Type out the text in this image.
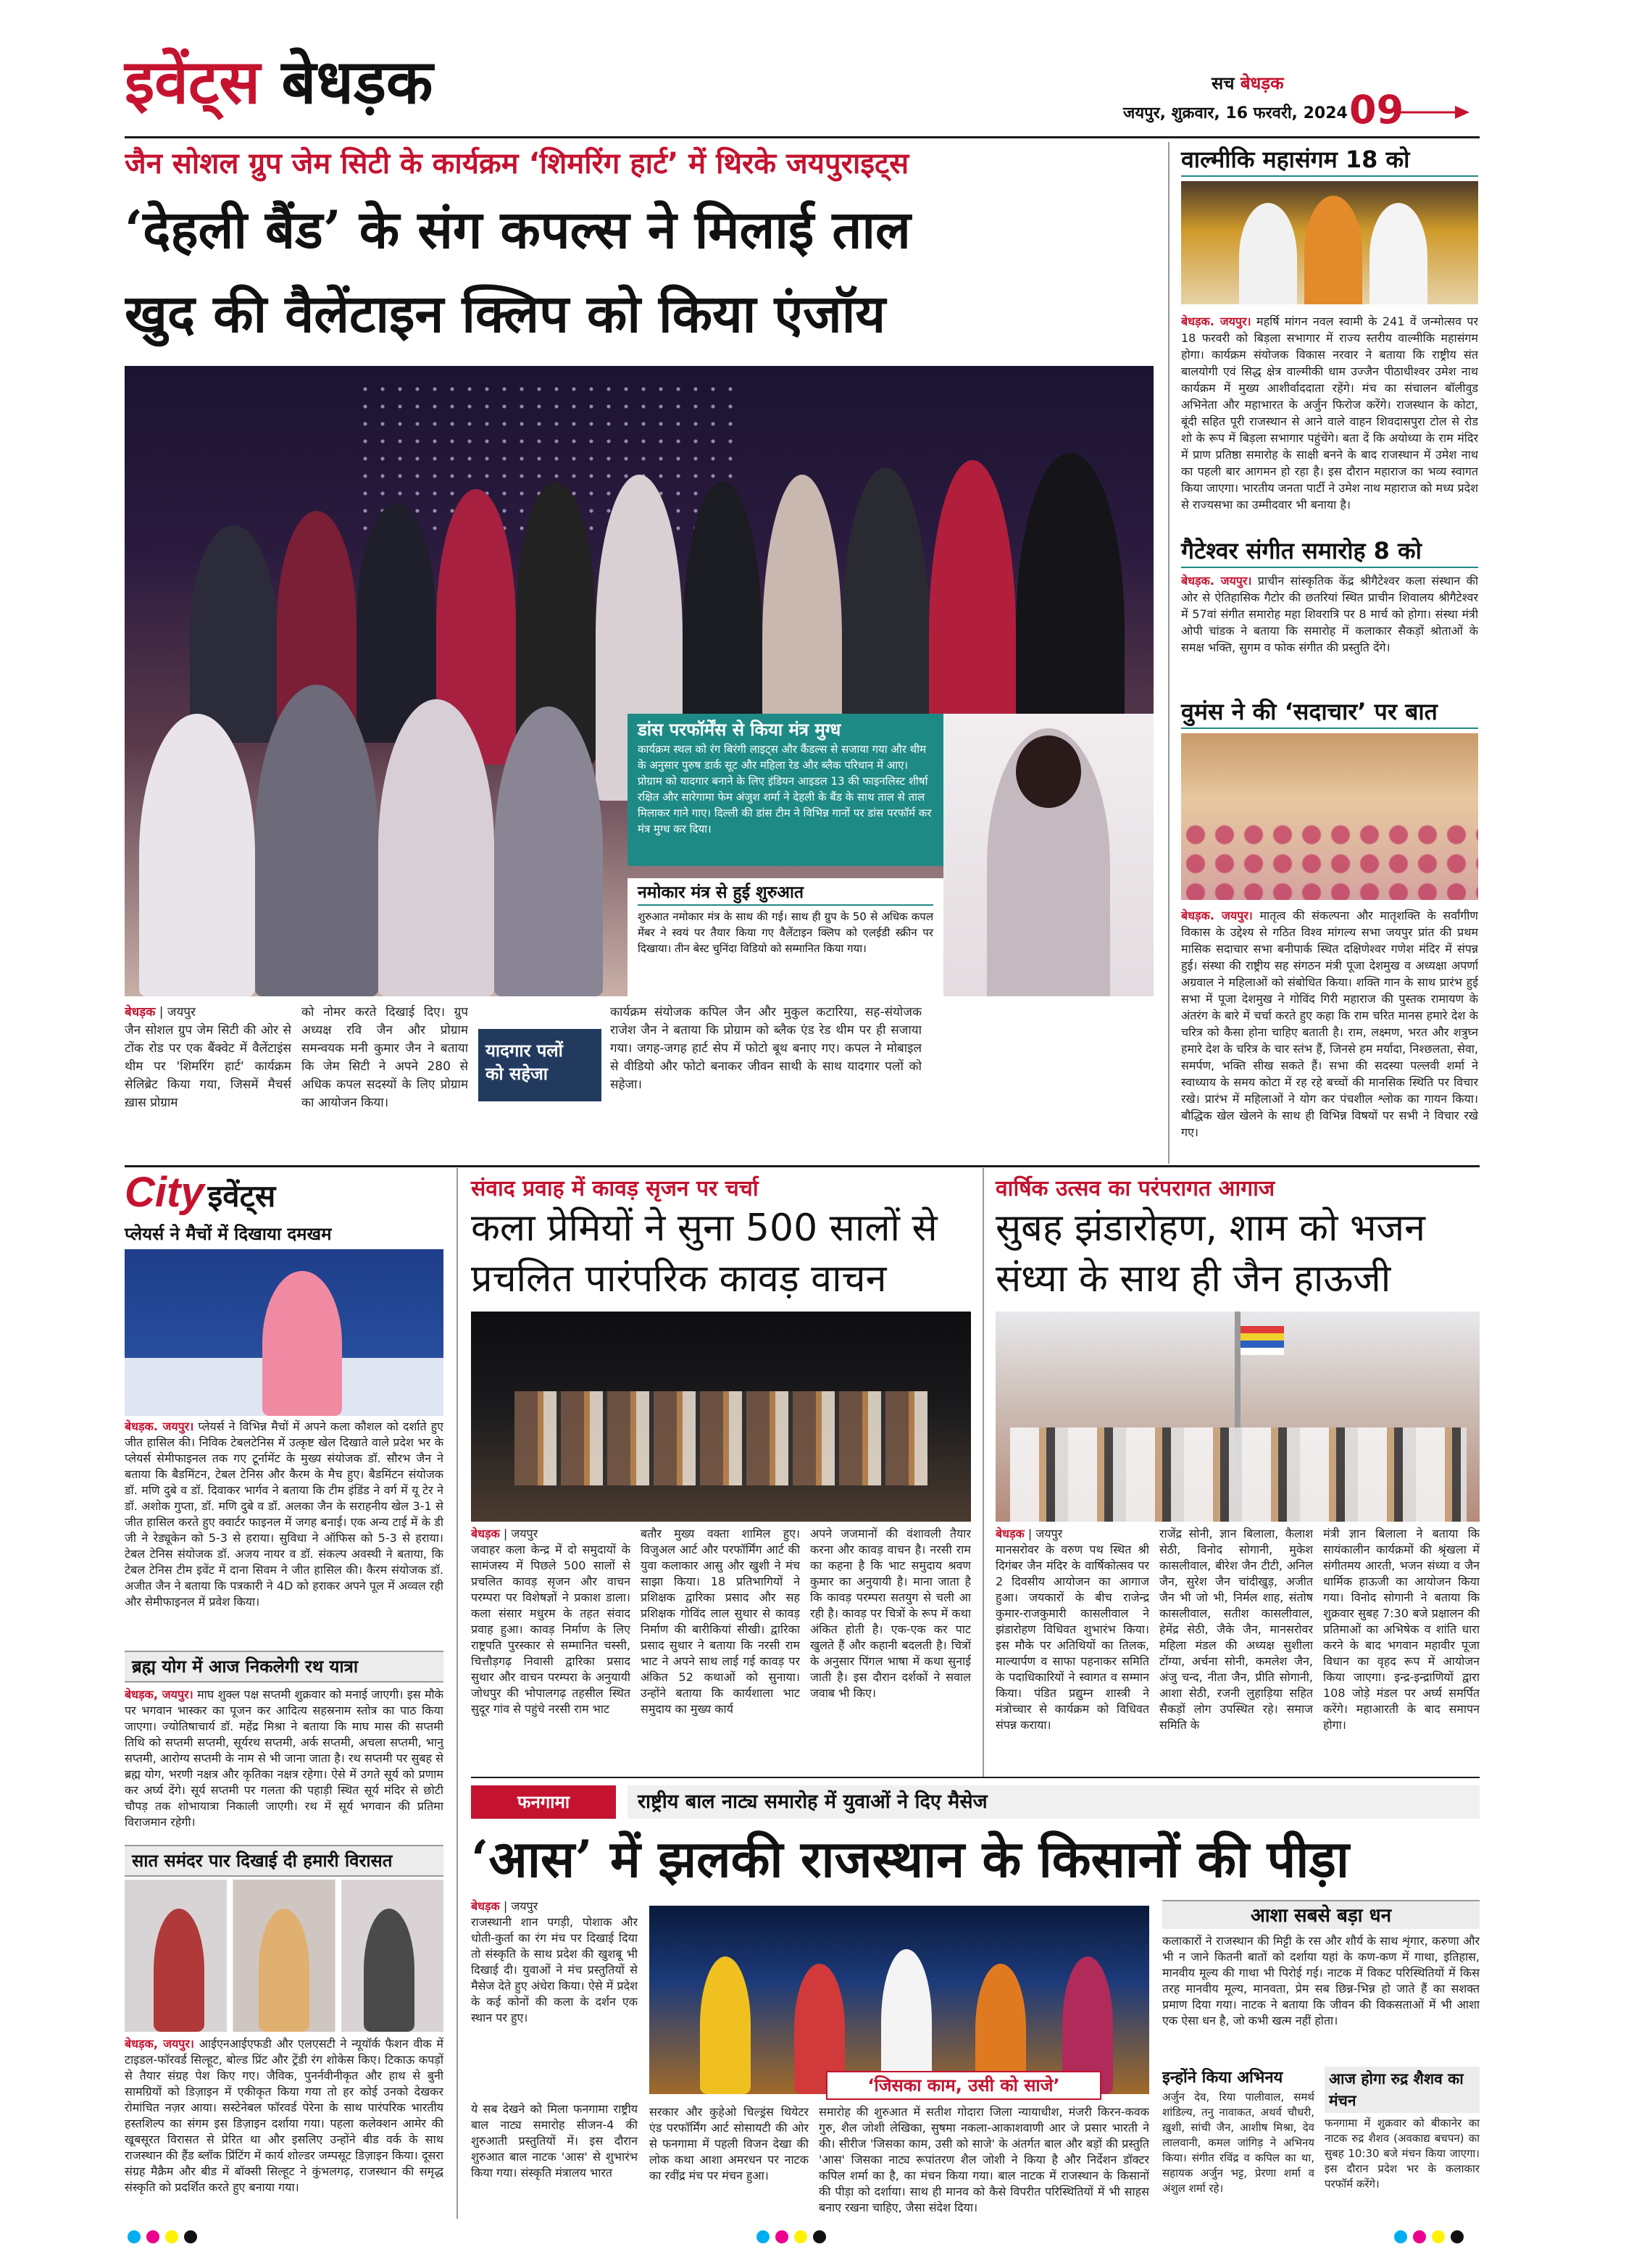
इवेंट्स बेधड़क	सच बेधड़क
जयपुर, शुक्रवार, 16 फरवरी, 2024 09
जैन सोशल ग्रुप जेम सिटी के कार्यक्रम ‘शिमरिंग हार्ट’ में थिरके जयपुराइट्स
‘देहली बैंड’ के संग कपल्स ने मिलाई ताल
खुद की वैलेंटाइन क्लिप को किया एंजॉय
डांस परफॉर्मेंस से किया मंत्र मुग्ध
कार्यक्रम स्थल को रंग बिरंगी लाइट्स और कैंडल्स से सजाया गया और थीम के अनुसार पुरुष डार्क सूट और महिला रेड और ब्लैक परिधान में आए। प्रोग्राम को यादगार बनाने के लिए इंडियन आइडल 13 की फाइनलिस्ट शीर्षा रक्षित और सारेगामा फेम अंजुश शर्मा ने देहली के बैंड के साथ ताल से ताल मिलाकर गाने गाए। दिल्ली की डांस टीम ने विभिन्न गानों पर डांस परफॉर्म कर मंत्र मुग्ध कर दिया।
नमोकार मंत्र से हुई शुरुआत
शुरुआत नमोकार मंत्र के साथ की गई। साथ ही ग्रुप के 50 से अधिक कपल मेंबर ने स्वयं पर तैयार किया गए वैलेंटाइन क्लिप को एलईडी स्क्रीन पर दिखाया। तीन बेस्ट चुनिंदा विडियो को सम्मानित किया गया।
बेधड़क | जयपुर
जैन सोशल ग्रुप जेम सिटी की ओर से टोंक रोड पर एक बैंक्वेट में वैलेंटाइंस थीम पर 'शिमरिंग हार्ट' कार्यक्रम सेलिब्रेट किया गया, जिसमें मैचर्स ख़ास प्रोग्राम
को नोमर करते दिखाई दिए। ग्रुप अध्यक्ष रवि जैन और प्रोग्राम समन्वयक मनी कुमार जैन ने बताया कि जेम सिटी ने अपने 280 से अधिक कपल सदस्यों के लिए प्रोग्राम का आयोजन किया।
यादगार पलों
को सहेजा
कार्यक्रम संयोजक कपिल जैन और मुकुल कटारिया, सह-संयोजक राजेश जैन ने बताया कि प्रोग्राम को ब्लैक एंड रेड थीम पर ही सजाया गया। जगह-जगह हार्ट सेप में फोटो बूथ बनाए गए। कपल ने मोबाइल से वीडियो और फोटो बनाकर जीवन साथी के साथ यादगार पलों को सहेजा।
वाल्मीकि महासंगम 18 को
बेधड़क. जयपुर। महर्षि मांगन नवल स्वामी के 241 वें जन्मोत्सव पर 18 फरवरी को बिड़ला सभागार में राज्य स्तरीय वाल्मीकि महासंगम होगा। कार्यक्रम संयोजक विकास नरवार ने बताया कि राष्ट्रीय संत बालयोगी एवं सिद्ध क्षेत्र वाल्मीकी धाम उज्जैन पीठाधीश्वर उमेश नाथ कार्यक्रम में मुख्य आशीर्वाददाता रहेंगे। मंच का संचालन बॉलीवुड अभिनेता और महाभारत के अर्जुन फिरोज करेंगे। राजस्थान के कोटा, बूंदी सहित पूरी राजस्थान से आने वाले वाहन शिवदासपुरा टोल से रोड शो के रूप में बिड़ला सभागार पहुंचेंगे। बता दें कि अयोध्या के राम मंदिर में प्राण प्रतिष्ठा समारोह के साक्षी बनने के बाद राजस्थान में उमेश नाथ का पहली बार आगमन हो रहा है। इस दौरान महाराज का भव्य स्वागत किया जाएगा। भारतीय जनता पार्टी ने उमेश नाथ महाराज को मध्य प्रदेश से राज्यसभा का उम्मीदवार भी बनाया है।
गैटेश्वर संगीत समारोह 8 को
बेधड़क. जयपुर। प्राचीन सांस्कृतिक केंद्र श्रीगैटेश्वर कला संस्थान की ओर से ऐतिहासिक गैटोर की छतरियां स्थित प्राचीन शिवालय श्रीगैटेश्वर में 57वां संगीत समारोह महा शिवरात्रि पर 8 मार्च को होगा। संस्था मंत्री ओपी चांडक ने बताया कि समारोह में कलाकार सैकड़ों श्रोताओं के समक्ष भक्ति, सुगम व फोक संगीत की प्रस्तुति देंगे।
वुमंस ने की ‘सदाचार’ पर बात
बेधड़क. जयपुर। मातृत्व की संकल्पना और मातृशक्ति के सर्वांगीण विकास के उद्देश्य से गठित विश्व मांगल्य सभा जयपुर प्रांत की प्रथम मासिक सदाचार सभा बनीपार्क स्थित दक्षिणेश्वर गणेश मंदिर में संपन्न हुई। संस्था की राष्ट्रीय सह संगठन मंत्री पूजा देशमुख व अध्यक्षा अपर्णा अग्रवाल ने महिलाओं को संबोधित किया। शक्ति गान के साथ प्रारंभ हुई सभा में पूजा देशमुख ने गोविंद गिरी महाराज की पुस्तक रामायण के अंतरंग के बारे में चर्चा करते हुए कहा कि राम चरित मानस हमारे देश के चरित्र को कैसा होना चाहिए बताती है। राम, लक्ष्मण, भरत और शत्रुघ्न हमारे देश के चरित्र के चार स्तंभ हैं, जिनसे हम मर्यादा, निश्छलता, सेवा, समर्पण, भक्ति सीख सकते हैं। सभा की सदस्या पल्लवी शर्मा ने स्वाध्याय के समय कोटा में रह रहे बच्चों की मानसिक स्थिति पर विचार रखे। प्रारंभ में महिलाओं ने योग कर पंचशील श्लोक का गायन किया। बौद्धिक खेल खेलने के साथ ही विभिन्न विषयों पर सभी ने विचार रखे गए।
City इवेंट्स
प्लेयर्स ने मैचों में दिखाया दमखम
बेधड़क. जयपुर। प्लेयर्स ने विभिन्न मैचों में अपने कला कौशल को दर्शाते हुए जीत हासिल की। निविक टेबलटेनिस में उत्कृष्ट खेल दिखाते वाले प्रदेश भर के प्लेयर्स सेमीफाइनल तक गए टूर्नामेंट के मुख्य संयोजक डॉ. सौरभ जैन ने बताया कि बैडमिंटन, टेबल टेनिस और कैरम के मैच हुए। बैडमिंटन संयोजक डॉ. मणि दुबे व डॉ. दिवाकर भार्गव ने बताया कि टीम इंडिंड ने वर्ग में यू टेर ने डॉ. अशोक गुप्ता, डॉ. मणि दुबे व डॉ. अलका जैन के सराहनीय खेल 3-1 से जीत हासिल करते हुए क्वार्टर फाइनल में जगह बनाई। एक अन्य टाई में के डी जी ने रेड्यूकेन को 5-3 से हराया। सुविधा ने ऑफिस को 5-3 से हराया। टेबल टेनिस संयोजक डॉ. अजय नायर व डॉ. संकल्प अवस्थी ने बताया, कि टेबल टेनिस टीम इवेंट में दाना सिवम ने जीत हासिल की। कैरम संयोजक डॉ. अजीत जैन ने बताया कि पत्रकारी ने 4D को हराकर अपने पूल में अव्वल रही और सेमीफाइनल में प्रवेश किया।
ब्रह्म योग में आज निकलेगी रथ यात्रा
बेधड़क, जयपुर। माघ शुक्ल पक्ष सप्तमी शुक्रवार को मनाई जाएगी। इस मौके पर भगवान भास्कर का पूजन कर आदित्य सहस्रनाम स्तोत्र का पाठ किया जाएगा। ज्योतिषाचार्य डॉ. महेंद्र मिश्रा ने बताया कि माघ मास की सप्तमी तिथि को सप्तमी सप्तमी, सूर्यरथ सप्तमी, अर्क सप्तमी, अचला सप्तमी, भानु सप्तमी, आरोग्य सप्तमी के नाम से भी जाना जाता है। रथ सप्तमी पर सुबह से ब्रह्म योग, भरणी नक्षत्र और कृतिका नक्षत्र रहेगा। ऐसे में उगते सूर्य को प्रणाम कर अर्घ्य देंगे। सूर्य सप्तमी पर गलता की पहाड़ी स्थित सूर्य मंदिर से छोटी चौपड़ तक शोभायात्रा निकाली जाएगी। रथ में सूर्य भगवान की प्रतिमा विराजमान रहेगी।
सात समंदर पार दिखाई दी हमारी विरासत
बेधड़क, जयपुर। आईएनआईएफडी और एलएसटी ने न्यूयॉर्क फैशन वीक में टाइडल-फॉरवर्ड सिल्हूट, बोल्ड प्रिंट और ट्रेंडी रंग शोकेस किए। टिकाऊ कपड़ों से तैयार संग्रह पेश किए गए। जैविक, पुनर्नवीनीकृत और हाथ से बुनी सामग्रियों को डिज़ाइन में एकीकृत किया गया तो हर कोई उनको देखकर रोमांचित नज़र आया। सस्टेनेबल फॉरवर्ड पेरेना के साथ पारंपरिक भारतीय हस्तशिल्प का संगम इस डिज़ाइन दर्शाया गया। पहला कलेक्शन आमेर की खूबसूरत विरासत से प्रेरित था और इसलिए उन्होंने बीड वर्क के साथ राजस्थान की हैंड ब्लॉक प्रिंटिंग में कार्य शोल्डर जम्पसूट डिज़ाइन किया। दूसरा संग्रह मैक्रैम और बीड में बॉक्सी सिल्हूट ने कुंभलगढ़, राजस्थान की समृद्ध संस्कृति को प्रदर्शित करते हुए बनाया गया।
संवाद प्रवाह में कावड़ सृजन पर चर्चा
कला प्रेमियों ने सुना 500 सालों से
प्रचलित पारंपरिक कावड़ वाचन
बेधड़क | जयपुर
जवाहर कला केन्द्र में दो समुदायों के सामंजस्य में पिछले 500 सालों से प्रचलित कावड़ सृजन और वाचन परम्परा पर विशेषज्ञों ने प्रकाश डाला। कला संसार मधुरम के तहत संवाद प्रवाह हुआ। कावड़ निर्माण के लिए राष्ट्रपति पुरस्कार से सम्मानित चस्सी, चित्तौड़गढ़ निवासी द्वारिका प्रसाद सुथार और वाचन परम्परा के अनुयायी जोधपुर की भोपालगढ़ तहसील स्थित सुदूर गांव से पहुंचे नरसी राम भाट
बतौर मुख्य वक्ता शामिल हुए। विजुअल आर्ट और परफॉर्मिंग आर्ट की युवा कलाकार आसु और खुशी ने मंच साझा किया। 18 प्रतिभागियों ने प्रशिक्षक द्वारिका प्रसाद और सह प्रशिक्षक गोविंद लाल सुथार से कावड़ निर्माण की बारीकियां सीखी। द्वारिका प्रसाद सुथार ने बताया कि नरसी राम भाट ने अपने साथ लाई गई कावड़ पर अंकित 52 कथाओं को सुनाया। उन्होंने बताया कि कार्यशाला भाट समुदाय का मुख्य कार्य
अपने जजमानों की वंशावली तैयार करना और कावड़ वाचन है। नरसी राम का कहना है कि भाट समुदाय श्रवण कुमार का अनुयायी है। माना जाता है कि कावड़ परम्परा सतयुग से चली आ रही है। कावड़ पर चित्रों के रूप में कथा अंकित होती है। एक-एक कर पाट खुलते हैं और कहानी बदलती है। चित्रों के अनुसार पिंगल भाषा में कथा सुनाई जाती है। इस दौरान दर्शकों ने सवाल जवाब भी किए।
वार्षिक उत्सव का परंपरागत आगाज
सुबह झंडारोहण, शाम को भजन
संध्या के साथ ही जैन हाऊजी
बेधड़क | जयपुर
मानसरोवर के वरुण पथ स्थित श्री दिगंबर जैन मंदिर के वार्षिकोत्सव पर 2 दिवसीय आयोजन का आगाज हुआ। जयकारों के बीच राजेन्द्र कुमार-राजकुमारी कासलीवाल ने झंडारोहण विधिवत शुभारंभ किया। इस मौके पर अतिथियों का तिलक, माल्यार्पण व साफा पहनाकर समिति के पदाधिकारियों ने स्वागत व सम्मान किया। पंडित प्रद्युम्न शास्त्री ने मंत्रोच्चार से कार्यक्रम को विधिवत संपन्न कराया।
राजेंद्र सोनी, ज्ञान बिलाला, कैलाश सेठी, विनोद सोगानी, मुकेश कासलीवाल, बीरेश जैन टीटी, अनिल जैन, सुरेश जैन चांदीखुड़, अजीत जैन भी जो भी, निर्मल शाह, संतोष कासलीवाल, सतीश कासलीवाल, हेमेंद्र सेठी, जैके जैन, मानसरोवर महिला मंडल की अध्यक्ष सुशीला टोंग्या, अर्चना सोनी, कमलेश जैन, अंजु चन्द, नीता जैन, प्रीति सोगानी, आशा सेठी, रजनी लुहाड़िया सहित सैकड़ों लोग उपस्थित रहे। समाज समिति के
मंत्री ज्ञान बिलाला ने बताया कि सायंकालीन कार्यक्रमों की श्रृंखला में संगीतमय आरती, भजन संध्या व जैन धार्मिक हाऊजी का आयोजन किया गया। विनोद सोगानी ने बताया कि शुक्रवार सुबह 7:30 बजे प्रक्षालन की प्रतिमाओं का अभिषेक व शांति धारा करने के बाद भगवान महावीर पूजा विधान का वृहद रूप में आयोजन किया जाएगा। इन्द्र-इन्द्राणियों द्वारा 108 जोड़े मंडल पर अर्घ्य समर्पित करेंगे। महाआरती के बाद समापन होगा।
फनगामा	राष्ट्रीय बाल नाट्य समारोह में युवाओं ने दिए मैसेज
‘आस’ में झलकी राजस्थान के किसानों की पीड़ा
बेधड़क | जयपुर
राजस्थानी शान पगड़ी, पोशाक और धोती-कुर्ता का रंग मंच पर दिखाई दिया तो संस्कृति के साथ प्रदेश की खुशबू भी दिखाई दी। युवाओं ने मंच प्रस्तुतियों से मैसेज देते हुए अंधेरा किया। ऐसे में प्रदेश के कई कोनों की कला के दर्शन एक स्थान पर हुए।
ये सब देखने को मिला फनगामा राष्ट्रीय बाल नाट्य समारोह सीजन-4 की शुरुआती प्रस्तुतियों में। इस दौरान शुरुआत बाल नाटक 'आस' से शुभारंभ किया गया। संस्कृति मंत्रालय भारत
‘जिसका काम, उसी को साजे’
सरकार और कुहेओ चिल्ड्रंस थियेटर एंड परफॉर्मिंग आर्ट सोसायटी की ओर से फनगामा में पहली विजन देखा की लोक कथा आशा अमरधन पर नाटक का रवींद्र मंच पर मंचन हुआ।
समारोह की शुरुआत में सतीश गोदारा जिला न्यायाधीश, मंजरी किरन-कवक गुरु, शैल जोशी लेखिका, सुषमा नकला-आकाशवाणी आर जे प्रसार भारती ने की। सीरीज 'जिसका काम, उसी को साजे' के अंतर्गत बाल और बड़ों की प्रस्तुति 'आस' जिसका नाट्य रूपांतरण शैल जोशी ने किया है और निर्देशन डॉक्टर कपिल शर्मा का है, का मंचन किया गया। बाल नाटक में राजस्थान के किसानों की पीड़ा को दर्शाया। साथ ही मानव को कैसे विपरीत परिस्थितियों में भी साहस बनाए रखना चाहिए, जैसा संदेश दिया।
आशा सबसे बड़ा धन
कलाकारों ने राजस्थान की मिट्टी के रस और शौर्य के साथ शृंगार, करुणा और भी न जाने कितनी बातों को दर्शाया यहां के कण-कण में गाथा, इतिहास, मानवीय मूल्य की गाथा भी पिरोई गई। नाटक में विकट परिस्थितियों में किस तरह मानवीय मूल्य, मानवता, प्रेम सब छिन्न-भिन्न हो जाते हैं का सशक्त प्रमाण दिया गया। नाटक ने बताया कि जीवन की विकसताओं में भी आशा एक ऐसा धन है, जो कभी खत्म नहीं होता।
इन्होंने किया अभिनय
अर्जुन देव, रिया पालीवाल, समर्थ शांडिल्य, तनु नावाकत, अथर्व चौधरी, ख़ुशी, सांची जैन, आशीष मिश्रा, देव लालवानी, कमल जांगिड़ ने अभिनय किया। संगीत रविंद्र व कपिल का था, सहायक अर्जुन भट्ट, प्रेरणा शर्मा व अंशुल शर्मा रहे।
आज होगा रुद्र शैशव का मंचन
फनगामा में शुक्रवार को बीकानेर का नाटक रुद्र शैशव (अवकाद्य बचपन) का सुबह 10:30 बजे मंचन किया जाएगा। इस दौरान प्रदेश भर के कलाकार परफॉर्म करेंगे।
